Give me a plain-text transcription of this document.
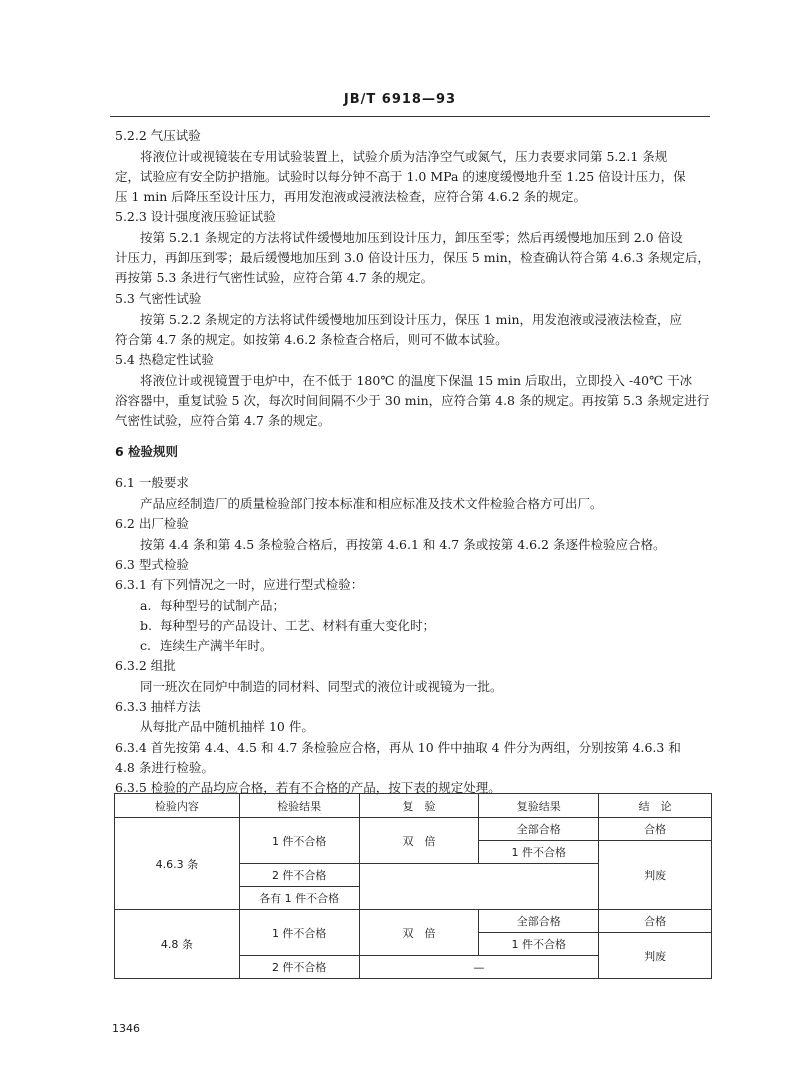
JB/T 6918—93
5.2.2 气压试验
将液位计或视镜装在专用试验装置上，试验介质为洁净空气或氮气，压力表要求同第 5.2.1 条规
定，试验应有安全防护措施。试验时以每分钟不高于 1.0 MPa 的速度缓慢地升至 1.25 倍设计压力，保
压 1 min 后降压至设计压力，再用发泡液或浸液法检查，应符合第 4.6.2 条的规定。
5.2.3 设计强度液压验证试验
按第 5.2.1 条规定的方法将试件缓慢地加压到设计压力，卸压至零；然后再缓慢地加压到 2.0 倍设
计压力，再卸压到零；最后缓慢地加压到 3.0 倍设计压力，保压 5 min，检查确认符合第 4.6.3 条规定后，
再按第 5.3 条进行气密性试验，应符合第 4.7 条的规定。
5.3 气密性试验
按第 5.2.2 条规定的方法将试件缓慢地加压到设计压力，保压 1 min，用发泡液或浸液法检查，应
符合第 4.7 条的规定。如按第 4.6.2 条检查合格后，则可不做本试验。
5.4 热稳定性试验
将液位计或视镜置于电炉中，在不低于 180℃ 的温度下保温 15 min 后取出，立即投入 -40℃ 干冰
浴容器中，重复试验 5 次，每次时间间隔不少于 30 min，应符合第 4.8 条的规定。再按第 5.3 条规定进行
气密性试验，应符合第 4.7 条的规定。
6 检验规则
6.1 一般要求
产品应经制造厂的质量检验部门按本标准和相应标准及技术文件检验合格方可出厂。
6.2 出厂检验
按第 4.4 条和第 4.5 条检验合格后，再按第 4.6.1 和 4.7 条或按第 4.6.2 条逐件检验应合格。
6.3 型式检验
6.3.1 有下列情况之一时，应进行型式检验：
6.3.4 首先按第 4.4、4.5 和 4.7 条检验应合格，再从 10 件中抽取 4 件分为两组，分别按第 4.6.3 和
4.8 条进行检验。
6.3.5 检验的产品均应合格，若有不合格的产品，按下表的规定处理。
6.3.2 组批
同一班次在同炉中制造的同材料、同型式的液位计或视镜为一批。
6.3.3 抽样方法
从每批产品中随机抽样 10 件。
a. 每种型号的试制产品；
b. 每种型号的产品设计、工艺、材料有重大变化时；
c. 连续生产满半年时。
检验内容	检验结果	复　验	复验结果	结　论
4.6.3 条	1 件不合格	双　倍	全部合格	合格
			1 件不合格	判废
	2 件不合格			
	各有 1 件不合格			
4.8 条	1 件不合格	双　倍	全部合格	合格
			1 件不合格	判废
	2 件不合格	—		
1346
